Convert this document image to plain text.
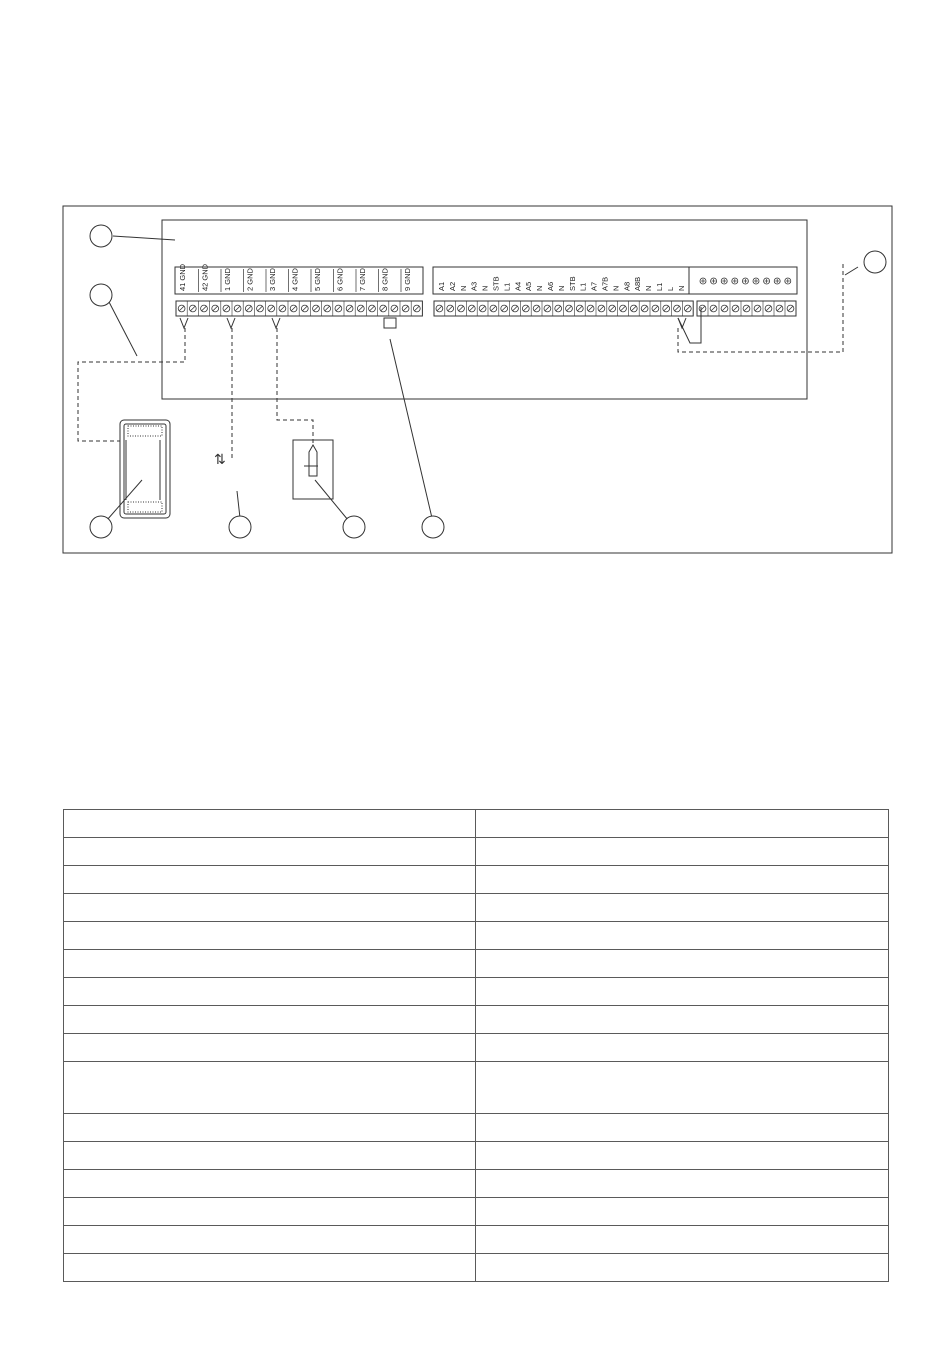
41 GND 42 GND 1 GND 2 GND 3 GND 4 GND 5 GND 6 GND 7 GND 8 GND 9 GND	A1 A2 N A3 N STB L1 A4 A5 N A6 N STB L1 A7 A7B N A8 A8B N L1 L N
⇅
